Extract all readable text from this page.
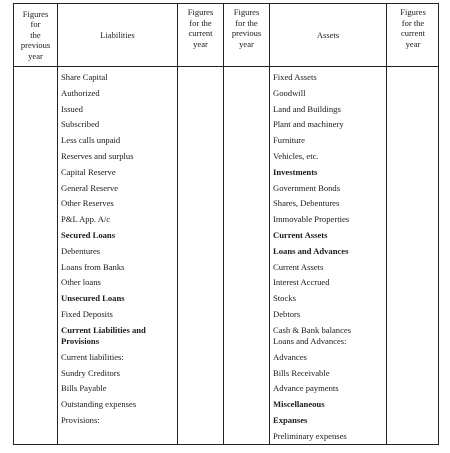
Figures
for
the
previous
year
Liabilities
Figures
for the
current
year
Figures
for the
previous
year
Assets
Figures
for the
current
year
Share Capital
Authorized
Issued
Subscribed
Less calls unpaid
Reserves and surplus
Capital Reserve
General Reserve
Other Reserves
P&L App. A/c
Secured Loans
Debentures
Loans from Banks
Other loans
Unsecured Loans
Fixed Deposits
Current Liabilities and
Provisions
Current liabilities:
Sundry Creditors
Bills Payable
Outstanding expenses
Provisions:
Fixed Assets
Goodwill
Land and Buildings
Plant and machinery
Furniture
Vehicles, etc.
Investments
Government Bonds
Shares, Debentures
Immovable Properties
Current Assets
Loans and Advances
Current Assets
Interest Accrued
Stocks
Debtors
Cash & Bank balances
Loans and Advances:
Advances
Bills Receivable
Advance payments
Miscellaneous
Expanses
Preliminary expenses
